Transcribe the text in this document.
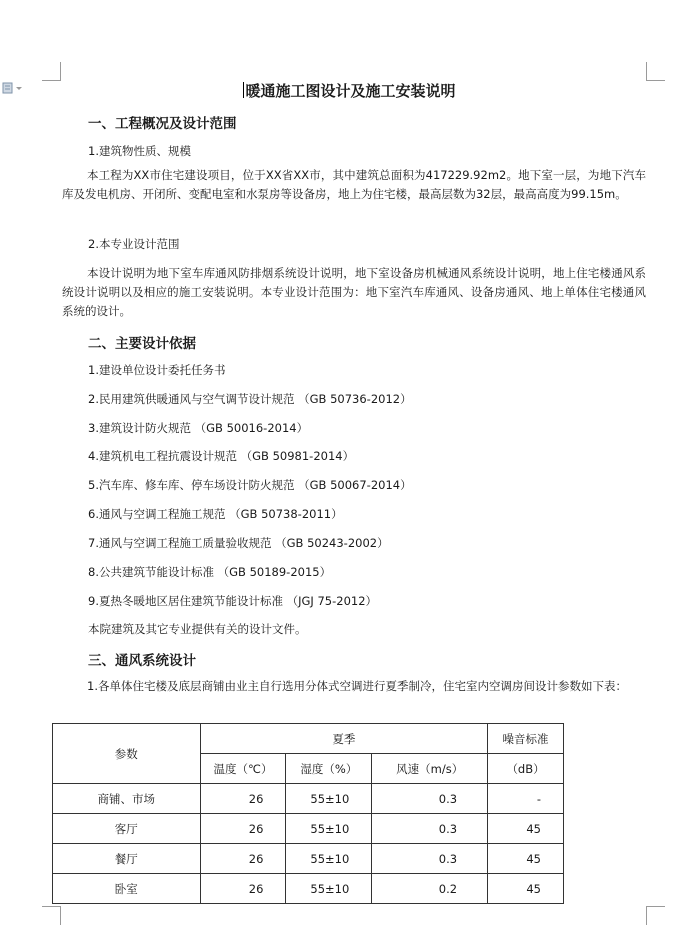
暖通施工图设计及施工安装说明
一、工程概况及设计范围
1.建筑物性质、规模
本工程为XX市住宅建设项目，位于XX省XX市，其中建筑总面积为417229.92m2。地下室一层，为地下汽车库及发电机房、开闭所、变配电室和水泵房等设备房，地上为住宅楼，最高层数为32层，最高高度为99.15m。
2.本专业设计范围
本设计说明为地下室车库通风防排烟系统设计说明，地下室设备房机械通风系统设计说明，地上住宅楼通风系统设计说明以及相应的施工安装说明。本专业设计范围为：地下室汽车库通风、设备房通风、地上单体住宅楼通风系统的设计。
二、主要设计依据
1.建设单位设计委托任务书
2.民用建筑供暖通风与空气调节设计规范 （GB 50736-2012）
3.建筑设计防火规范 （GB 50016-2014）
4.建筑机电工程抗震设计规范 （GB 50981-2014）
5.汽车库、修车库、停车场设计防火规范 （GB 50067-2014）
6.通风与空调工程施工规范 （GB 50738-2011）
7.通风与空调工程施工质量验收规范 （GB 50243-2002）
8.公共建筑节能设计标准 （GB 50189-2015）
9.夏热冬暖地区居住建筑节能设计标准 （JGJ 75-2012）
本院建筑及其它专业提供有关的设计文件。
三、通风系统设计
1.各单体住宅楼及底层商铺由业主自行选用分体式空调进行夏季制冷，住宅室内空调房间设计参数如下表：
参数	夏季			噪音标准
	温度（℃）	湿度（%）	风速（m/s）	（dB）
商铺、市场	26	55±10	0.3	-
客厅	26	55±10	0.3	45
餐厅	26	55±10	0.3	45
卧室	26	55±10	0.2	45
